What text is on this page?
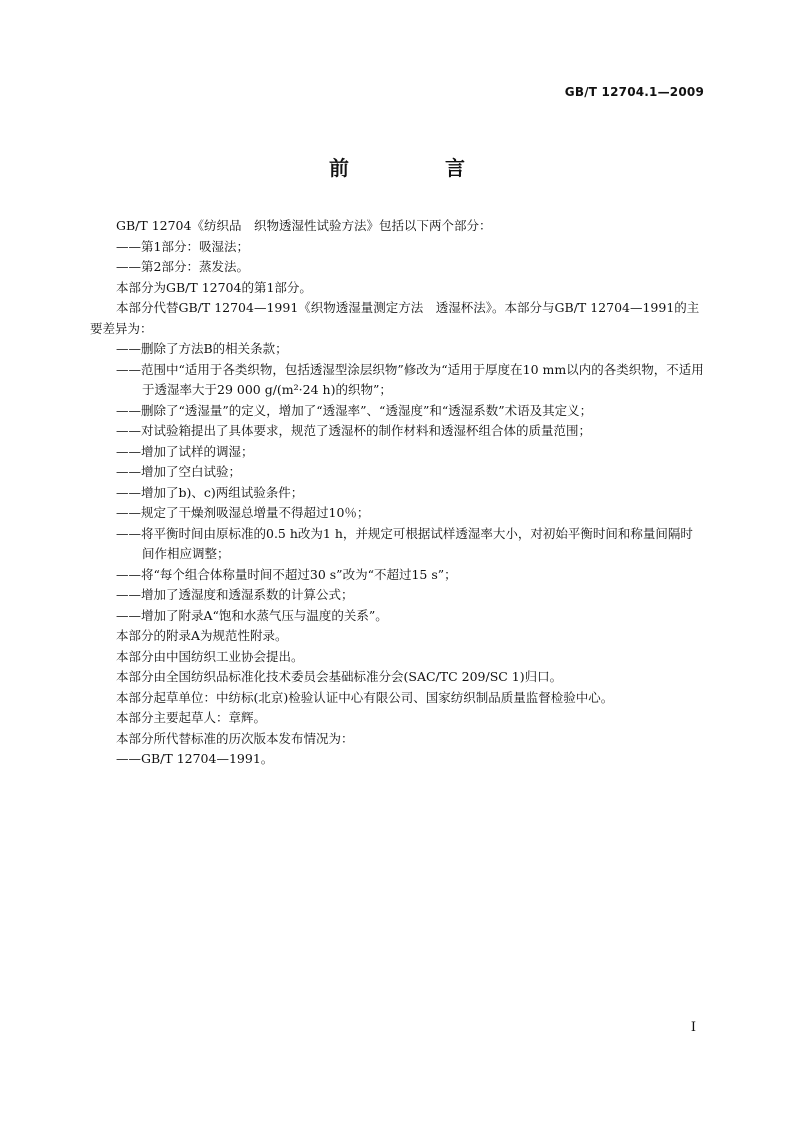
GB/T 12704.1—2009
前　言

GB/T 12704《纺织品　织物透湿性试验方法》包括以下两个部分：

——第1部分：吸湿法；

——第2部分：蒸发法。

本部分为GB/T 12704的第1部分。

本部分代替GB/T 12704—1991《织物透湿量测定方法　透湿杯法》。本部分与GB/T 12704—1991的主要差异为：

——删除了方法B的相关条款；

——范围中“适用于各类织物，包括透湿型涂层织物”修改为“适用于厚度在10 mm以内的各类织物，不适用于透湿率大于29 000 g/(m²·24 h)的织物”；

——删除了“透湿量”的定义，增加了“透湿率”、“透湿度”和“透湿系数”术语及其定义；

——对试验箱提出了具体要求，规范了透湿杯的制作材料和透湿杯组合体的质量范围；

——增加了试样的调湿；

——增加了空白试验；

——增加了b)、c)两组试验条件；

——规定了干燥剂吸湿总增量不得超过10％；

——将平衡时间由原标准的0.5 h改为1 h，并规定可根据试样透湿率大小，对初始平衡时间和称量间隔时间作相应调整；

——将“每个组合体称量时间不超过30 s”改为“不超过15 s”；

——增加了透湿度和透湿系数的计算公式；

——增加了附录A“饱和水蒸气压与温度的关系”。

本部分的附录A为规范性附录。

本部分由中国纺织工业协会提出。

本部分由全国纺织品标准化技术委员会基础标准分会(SAC/TC 209/SC 1)归口。

本部分起草单位：中纺标(北京)检验认证中心有限公司、国家纺织制品质量监督检验中心。

本部分主要起草人：章辉。

本部分所代替标准的历次版本发布情况为：

——GB/T 12704—1991。

I
